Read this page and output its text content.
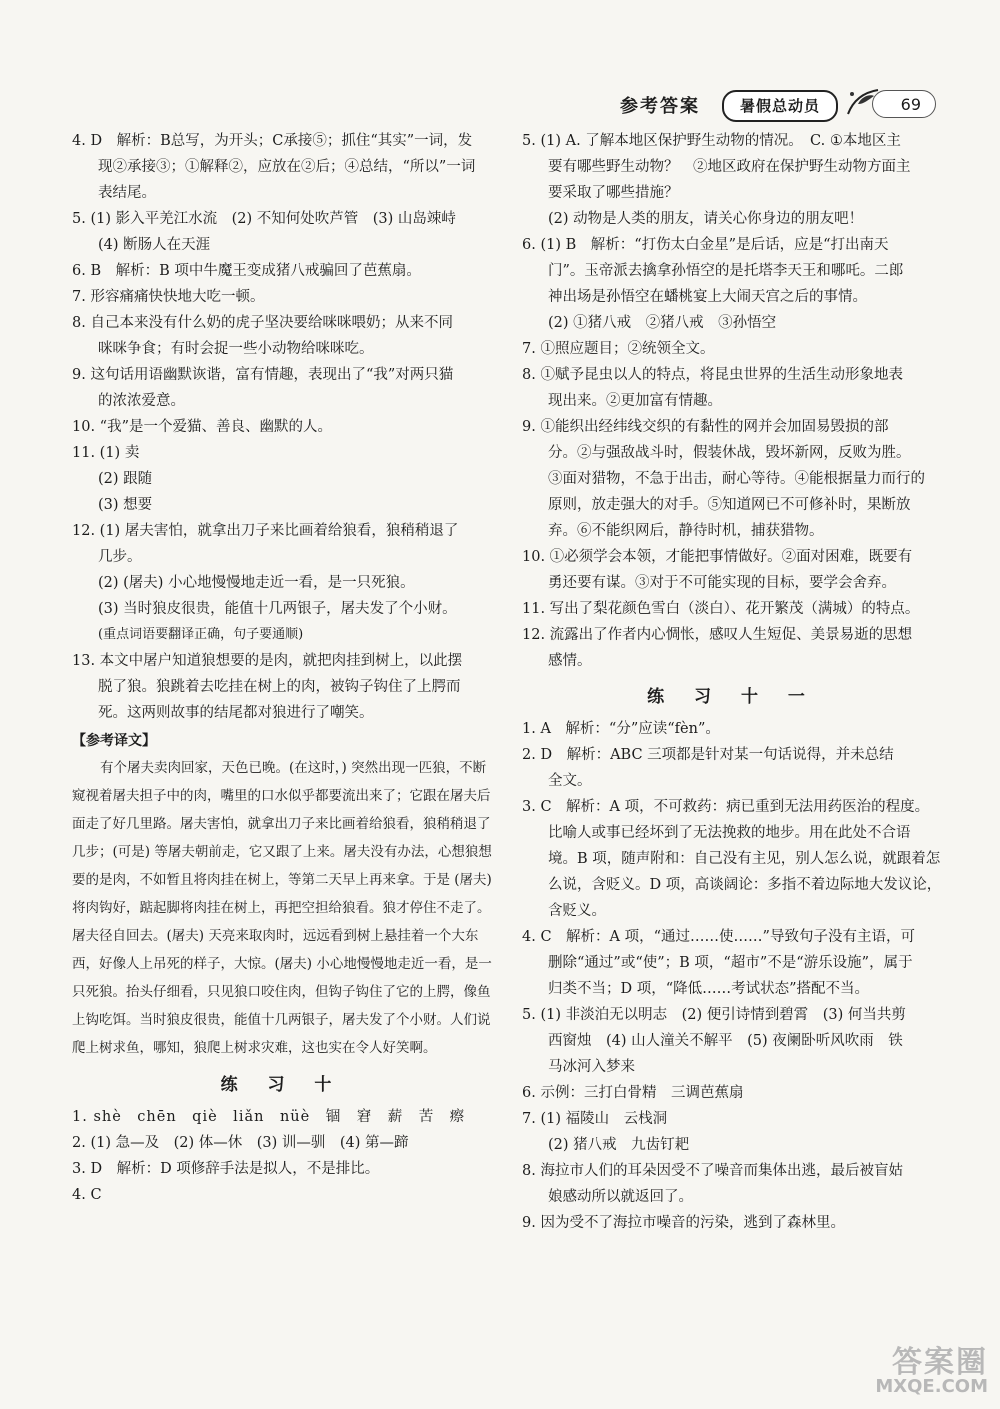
参考答案	暑假总动员	69

4. D　解析：B总写，为开头；C承接⑤；抓住“其实”一词，发

现②承接③；①解释②，应放在②后；④总结，“所以”一词

表结尾。

5. (1) 影入平羌江水流　(2) 不知何处吹芦管　(3) 山岛竦峙

(4) 断肠人在天涯

6. B　解析：B 项中牛魔王变成猪八戒骗回了芭蕉扇。

7. 形容痛痛快快地大吃一顿。

8. 自己本来没有什么奶的虎子坚决要给咪咪喂奶；从来不同

咪咪争食；有时会捉一些小动物给咪咪吃。

9. 这句话用语幽默诙谐，富有情趣，表现出了“我”对两只猫

的浓浓爱意。

10. “我”是一个爱猫、善良、幽默的人。

11. (1) 卖

(2) 跟随

(3) 想要

12. (1) 屠夫害怕，就拿出刀子来比画着给狼看，狼稍稍退了

几步。

(2) (屠夫) 小心地慢慢地走近一看，是一只死狼。

(3) 当时狼皮很贵，能值十几两银子，屠夫发了个小财。

(重点词语要翻译正确，句子要通顺)

13. 本文中屠户知道狼想要的是肉，就把肉挂到树上，以此摆

脱了狼。狼跳着去吃挂在树上的肉，被钩子钩住了上腭而

死。这两则故事的结尾都对狼进行了嘲笑。

【参考译文】

有个屠夫卖肉回家，天色已晚。(在这时，) 突然出现一匹狼，不断窥视着屠夫担子中的肉，嘴里的口水似乎都要流出来了；它跟在屠夫后面走了好几里路。屠夫害怕，就拿出刀子来比画着给狼看，狼稍稍退了几步；(可是) 等屠夫朝前走，它又跟了上来。屠夫没有办法，心想狼想要的是肉，不如暂且将肉挂在树上，等第二天早上再来拿。于是 (屠夫) 将肉钩好，踮起脚将肉挂在树上，再把空担给狼看。狼才停住不走了。屠夫径自回去。(屠夫) 天亮来取肉时，远远看到树上悬挂着一个大东西，好像人上吊死的样子，大惊。(屠夫) 小心地慢慢地走近一看，是一只死狼。抬头仔细看，只见狼口咬住肉，但钩子钩住了它的上腭，像鱼上钩吃饵。当时狼皮很贵，能值十几两银子，屠夫发了个小财。人们说爬上树求鱼，哪知，狼爬上树求灾难，这也实在令人好笑啊。

练 习 十

1. shè　chēn　qiè　liǎn　nüè　锢　窘　薪　苦　瘵

2. (1) 急—及　(2) 体—休　(3) 训—驯　(4) 第—蹄

3. D　解析：D 项修辞手法是拟人，不是排比。

4. C

5. (1) A. 了解本地区保护野生动物的情况。　C. ①本地区主

要有哪些野生动物？　②地区政府在保护野生动物方面主

要采取了哪些措施？

(2) 动物是人类的朋友，请关心你身边的朋友吧！

6. (1) B　解析：“打伤太白金星”是后话，应是“打出南天

门”。玉帝派去擒拿孙悟空的是托塔李天王和哪吒。二郎

神出场是孙悟空在蟠桃宴上大闹天宫之后的事情。

(2) ①猪八戒　②猪八戒　③孙悟空

7. ①照应题目；②统领全文。

8. ①赋予昆虫以人的特点，将昆虫世界的生活生动形象地表

现出来。②更加富有情趣。

9. ①能织出经纬线交织的有黏性的网并会加固易毁损的部

分。②与强敌战斗时，假装休战，毁坏新网，反败为胜。

③面对猎物，不急于出击，耐心等待。④能根据量力而行的

原则，放走强大的对手。⑤知道网已不可修补时，果断放

弃。⑥不能织网后，静待时机，捕获猎物。

10. ①必须学会本领，才能把事情做好。②面对困难，既要有

勇还要有谋。③对于不可能实现的目标，要学会舍弃。

11. 写出了梨花颜色雪白（淡白）、花开繁茂（满城）的特点。

12. 流露出了作者内心惆怅，感叹人生短促、美景易逝的思想

感情。

练 习 十 一

1. A　解析：“分”应读“fèn”。

2. D　解析：ABC 三项都是针对某一句话说得，并未总结

全文。

3. C　解析：A 项，不可救药：病已重到无法用药医治的程度。

比喻人或事已经坏到了无法挽救的地步。用在此处不合语

境。B 项，随声附和：自己没有主见，别人怎么说，就跟着怎

么说，含贬义。D 项，高谈阔论：多指不着边际地大发议论，

含贬义。

4. C　解析：A 项，“通过……使……”导致句子没有主语，可

删除“通过”或“使”；B 项，“超市”不是“游乐设施”，属于

归类不当；D 项，“降低……考试状态”搭配不当。

5. (1) 非淡泊无以明志　(2) 便引诗情到碧霄　(3) 何当共剪

西窗烛　(4) 山人潼关不解平　(5) 夜阑卧听风吹雨　铁

马冰河入梦来

6. 示例：三打白骨精　三调芭蕉扇

7. (1) 福陵山　云栈洞

(2) 猪八戒　九齿钉耙

8. 海拉市人们的耳朵因受不了噪音而集体出逃，最后被盲姑

娘感动所以就返回了。

9. 因为受不了海拉市噪音的污染，逃到了森林里。

答案圈
MXQE.COM
